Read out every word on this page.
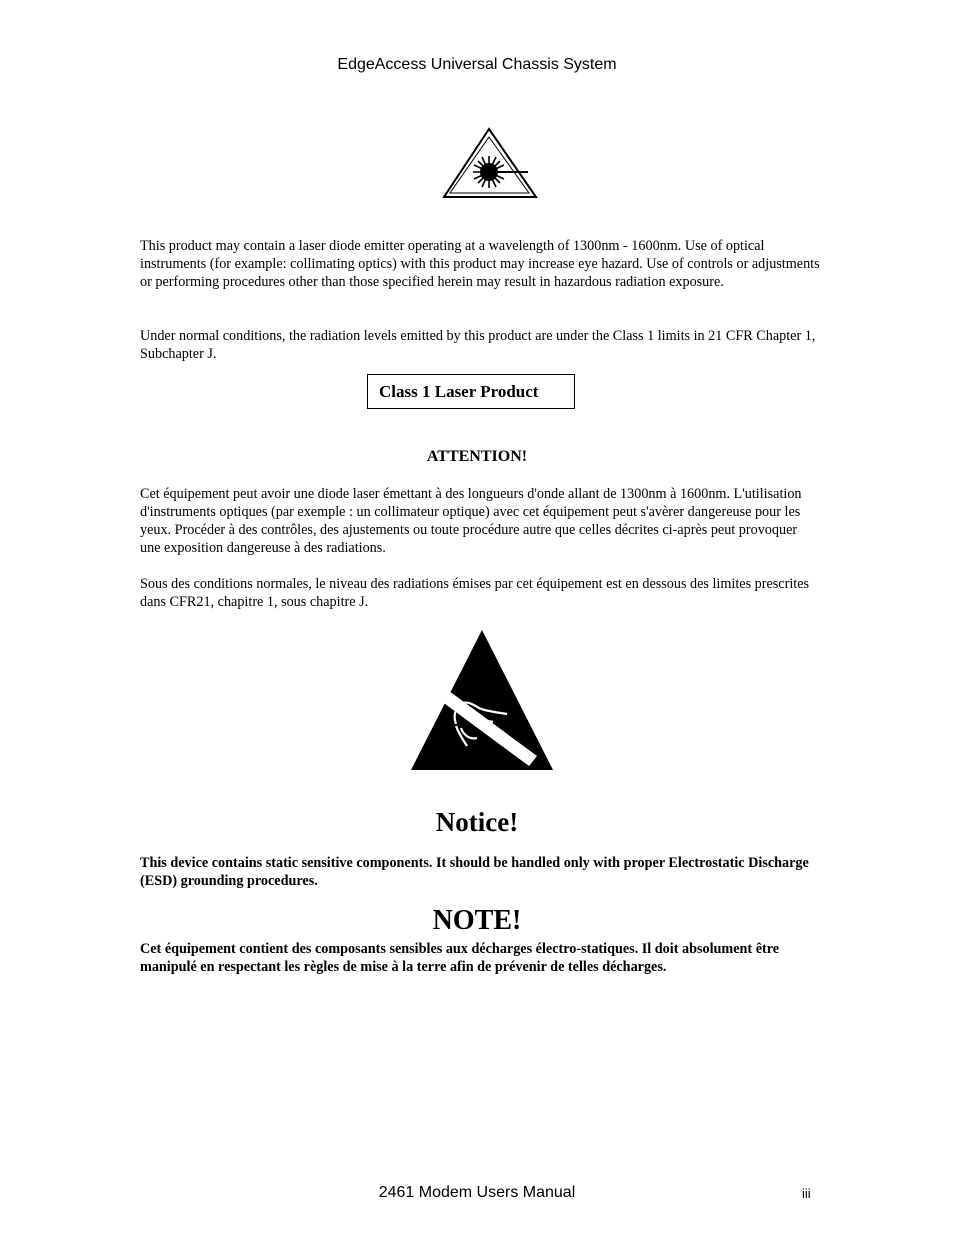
EdgeAccess Universal Chassis System
This product may contain a laser diode emitter operating at a wavelength of 1300nm - 1600nm. Use of optical instruments (for example: collimating optics) with this product may increase eye hazard. Use of controls or adjustments or performing procedures other than those specified herein may result in hazardous radiation exposure.
Under normal conditions, the radiation levels emitted by this product are under the Class 1 limits in 21 CFR Chapter 1, Subchapter J.
Class 1 Laser Product
ATTENTION!
Cet équipement peut avoir une diode laser émettant à des longueurs d'onde allant de 1300nm à 1600nm. L'utilisation d'instruments optiques (par exemple : un collimateur optique) avec cet équipement peut s'avèrer dangereuse pour les yeux. Procéder à des contrôles, des ajustements ou toute procédure autre que celles décrites ci-après peut provoquer une exposition dangereuse à des radiations.
Sous des conditions normales, le niveau des radiations émises par cet équipement est en dessous des limites prescrites dans CFR21, chapitre 1, sous chapitre J.
Notice!
This device contains static sensitive components. It should be handled only with proper Electrostatic Discharge (ESD) grounding procedures.
NOTE!
Cet équipement contient des composants sensibles aux décharges électro-statiques. Il doit absolument être manipulé en respectant les règles de mise à la terre afin de prévenir de telles décharges.
2461 Modem Users Manual	iii
